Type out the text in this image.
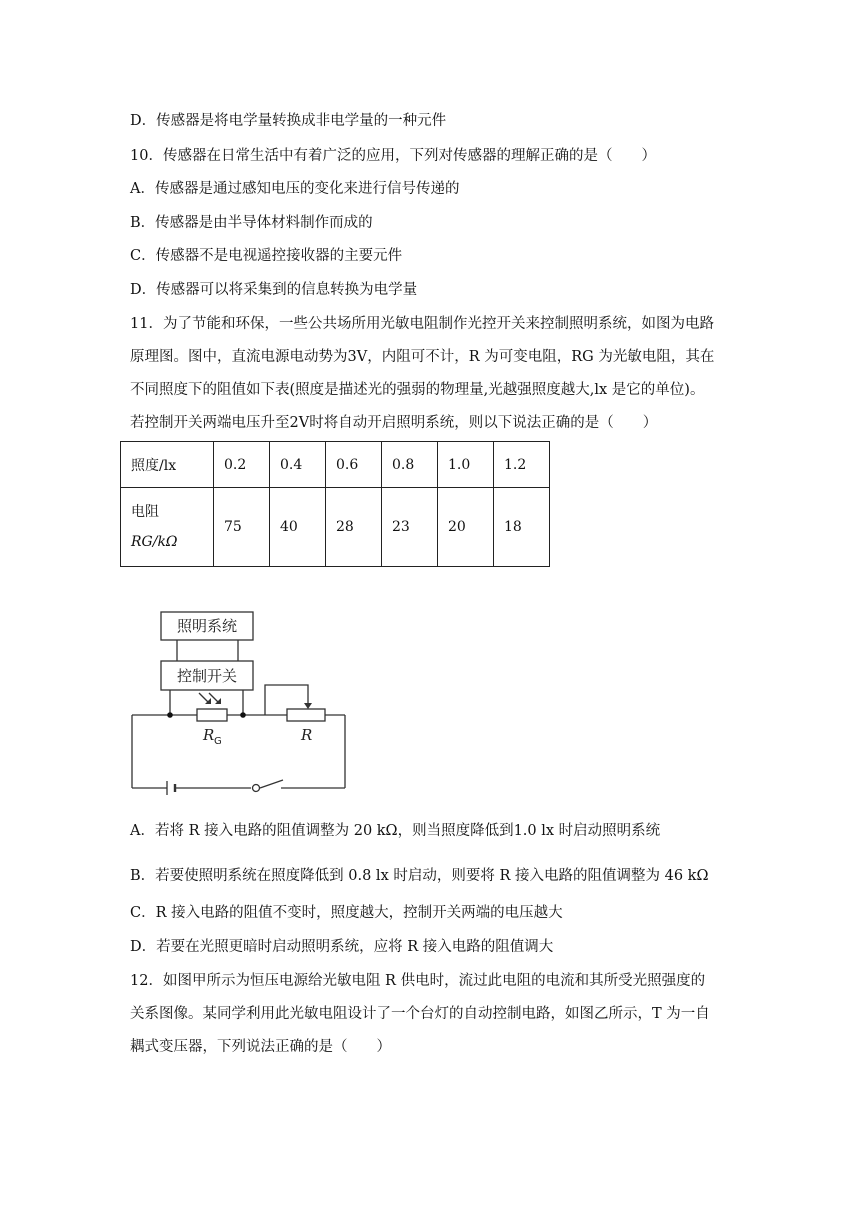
D．传感器是将电学量转换成非电学量的一种元件
10．传感器在日常生活中有着广泛的应用，下列对传感器的理解正确的是（　　）
A．传感器是通过感知电压的变化来进行信号传递的
B．传感器是由半导体材料制作而成的
C．传感器不是电视遥控接收器的主要元件
D．传感器可以将采集到的信息转换为电学量
11．为了节能和环保，一些公共场所用光敏电阻制作光控开关来控制照明系统，如图为电路
原理图。图中，直流电源电动势为3V，内阻可不计，R 为可变电阻，RG 为光敏电阻，其在
不同照度下的阻值如下表(照度是描述光的强弱的物理量,光越强照度越大,lx 是它的单位)。
若控制开关两端电压升至2V时将自动开启照明系统，则以下说法正确的是（　　）
照度/lx	0.2	0.4	0.6	0.8	1.0	1.2

电阻
RG/kΩ	75	40	28	23	20	18
照明系统
控制开关
R G	R
A．若将 R 接入电路的阻值调整为 20 kΩ，则当照度降低到1.0 lx 时启动照明系统
B．若要使照明系统在照度降低到 0.8 lx 时启动，则要将 R 接入电路的阻值调整为 46 kΩ
C．R 接入电路的阻值不变时，照度越大，控制开关两端的电压越大
D．若要在光照更暗时启动照明系统，应将 R 接入电路的阻值调大
12．如图甲所示为恒压电源给光敏电阻 R 供电时，流过此电阻的电流和其所受光照强度的
关系图像。某同学利用此光敏电阻设计了一个台灯的自动控制电路，如图乙所示，T 为一自
耦式变压器，下列说法正确的是（　　）
